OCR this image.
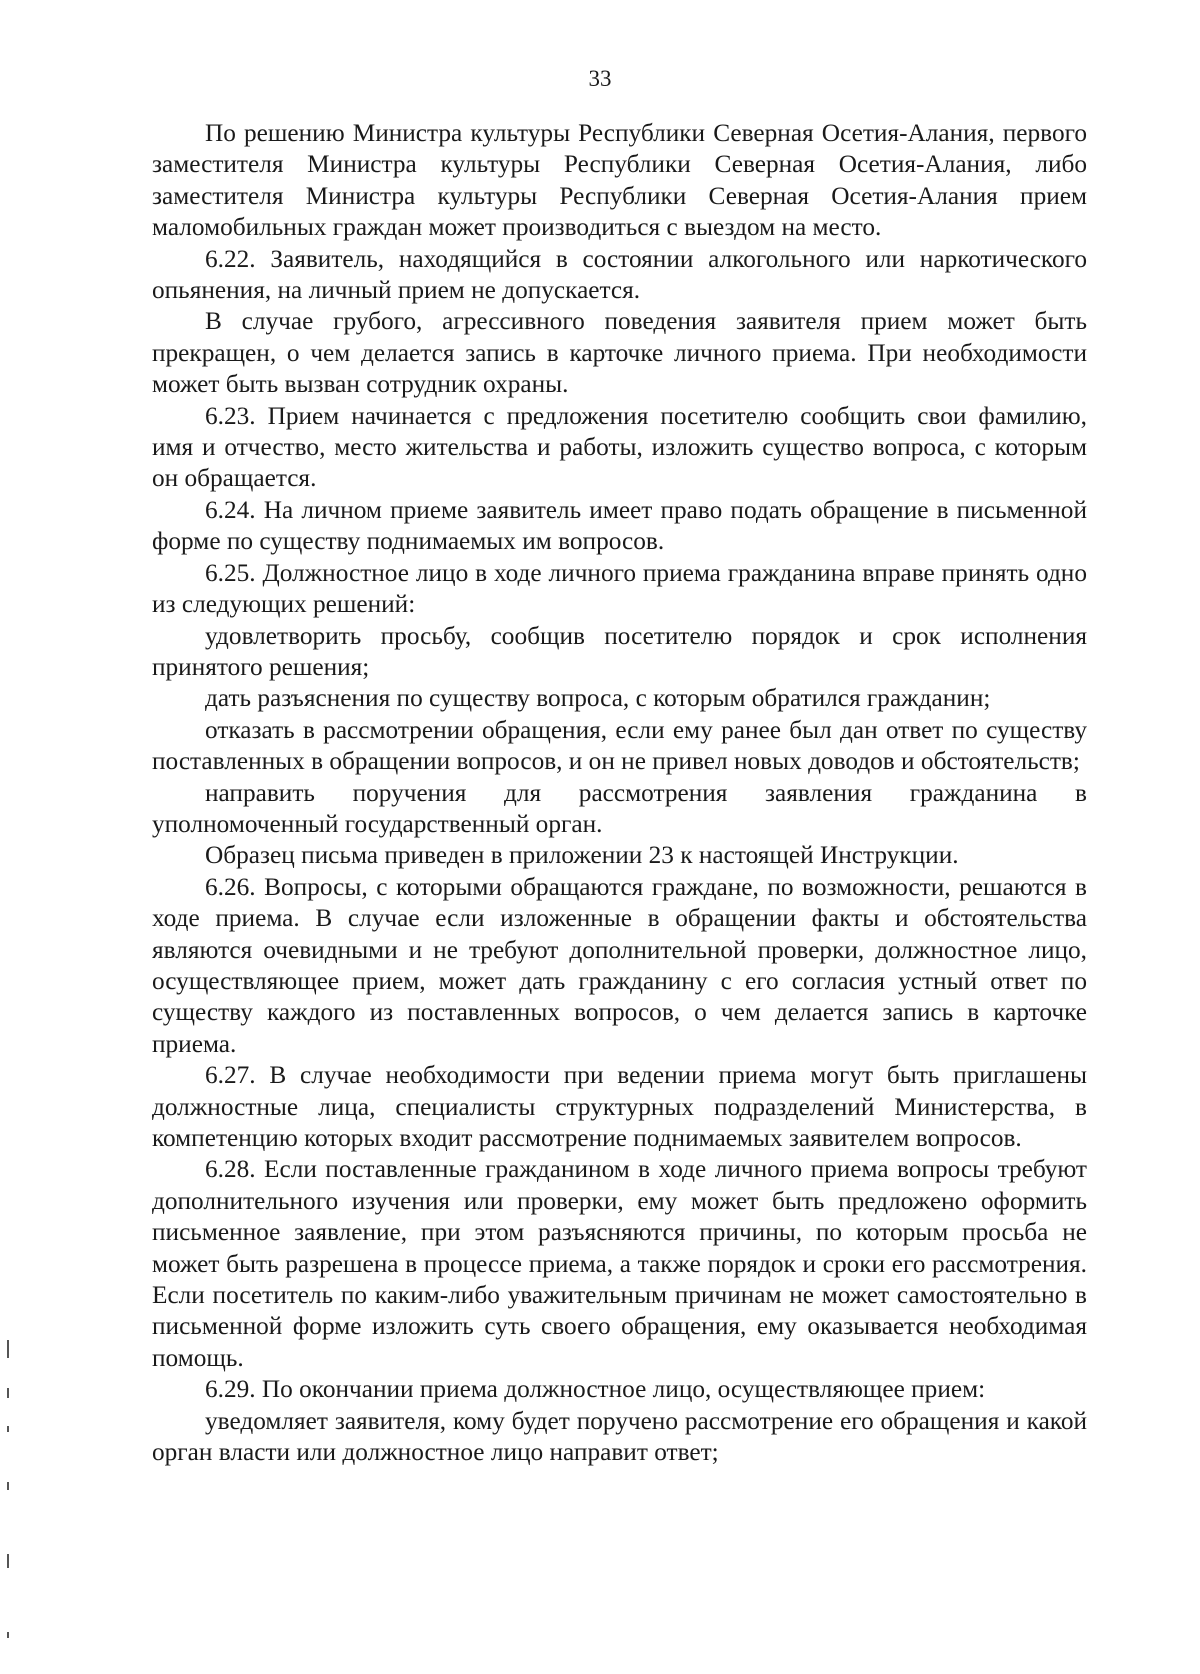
33

По решению Министра культуры Республики Северная Осетия-Алания, первого заместителя Министра культуры Республики Северная Осетия-Алания, либо заместителя Министра культуры Республики Северная Осетия-Алания прием маломобильных граждан может производиться с выездом на место.

6.22. Заявитель, находящийся в состоянии алкогольного или наркотического опьянения, на личный прием не допускается.

В случае грубого, агрессивного поведения заявителя прием может быть прекращен, о чем делается запись в карточке личного приема. При необходимости может быть вызван сотрудник охраны.

6.23. Прием начинается с предложения посетителю сообщить свои фамилию, имя и отчество, место жительства и работы, изложить существо вопроса, с которым он обращается.

6.24. На личном приеме заявитель имеет право подать обращение в письменной форме по существу поднимаемых им вопросов.

6.25. Должностное лицо в ходе личного приема гражданина вправе принять одно из следующих решений:

удовлетворить просьбу, сообщив посетителю порядок и срок исполнения принятого решения;

дать разъяснения по существу вопроса, с которым обратился гражданин;

отказать в рассмотрении обращения, если ему ранее был дан ответ по существу поставленных в обращении вопросов, и он не привел новых доводов и обстоятельств;

направить поручения для рассмотрения заявления гражданина в уполномоченный государственный орган.

Образец письма приведен в приложении 23 к настоящей Инструкции.

6.26. Вопросы, с которыми обращаются граждане, по возможности, решаются в ходе приема. В случае если изложенные в обращении факты и обстоятельства являются очевидными и не требуют дополнительной проверки, должностное лицо, осуществляющее прием, может дать гражданину с его согласия устный ответ по существу каждого из поставленных вопросов, о чем делается запись в карточке приема.

6.27. В случае необходимости при ведении приема могут быть приглашены должностные лица, специалисты структурных подразделений Министерства, в компетенцию которых входит рассмотрение поднимаемых заявителем вопросов.

6.28. Если поставленные гражданином в ходе личного приема вопросы требуют дополнительного изучения или проверки, ему может быть предложено оформить письменное заявление, при этом разъясняются причины, по которым просьба не может быть разрешена в процессе приема, а также порядок и сроки его рассмотрения. Если посетитель по каким-либо уважительным причинам не может самостоятельно в письменной форме изложить суть своего обращения, ему оказывается необходимая помощь.

6.29. По окончании приема должностное лицо, осуществляющее прием:

уведомляет заявителя, кому будет поручено рассмотрение его обращения и какой орган власти или должностное лицо направит ответ;
